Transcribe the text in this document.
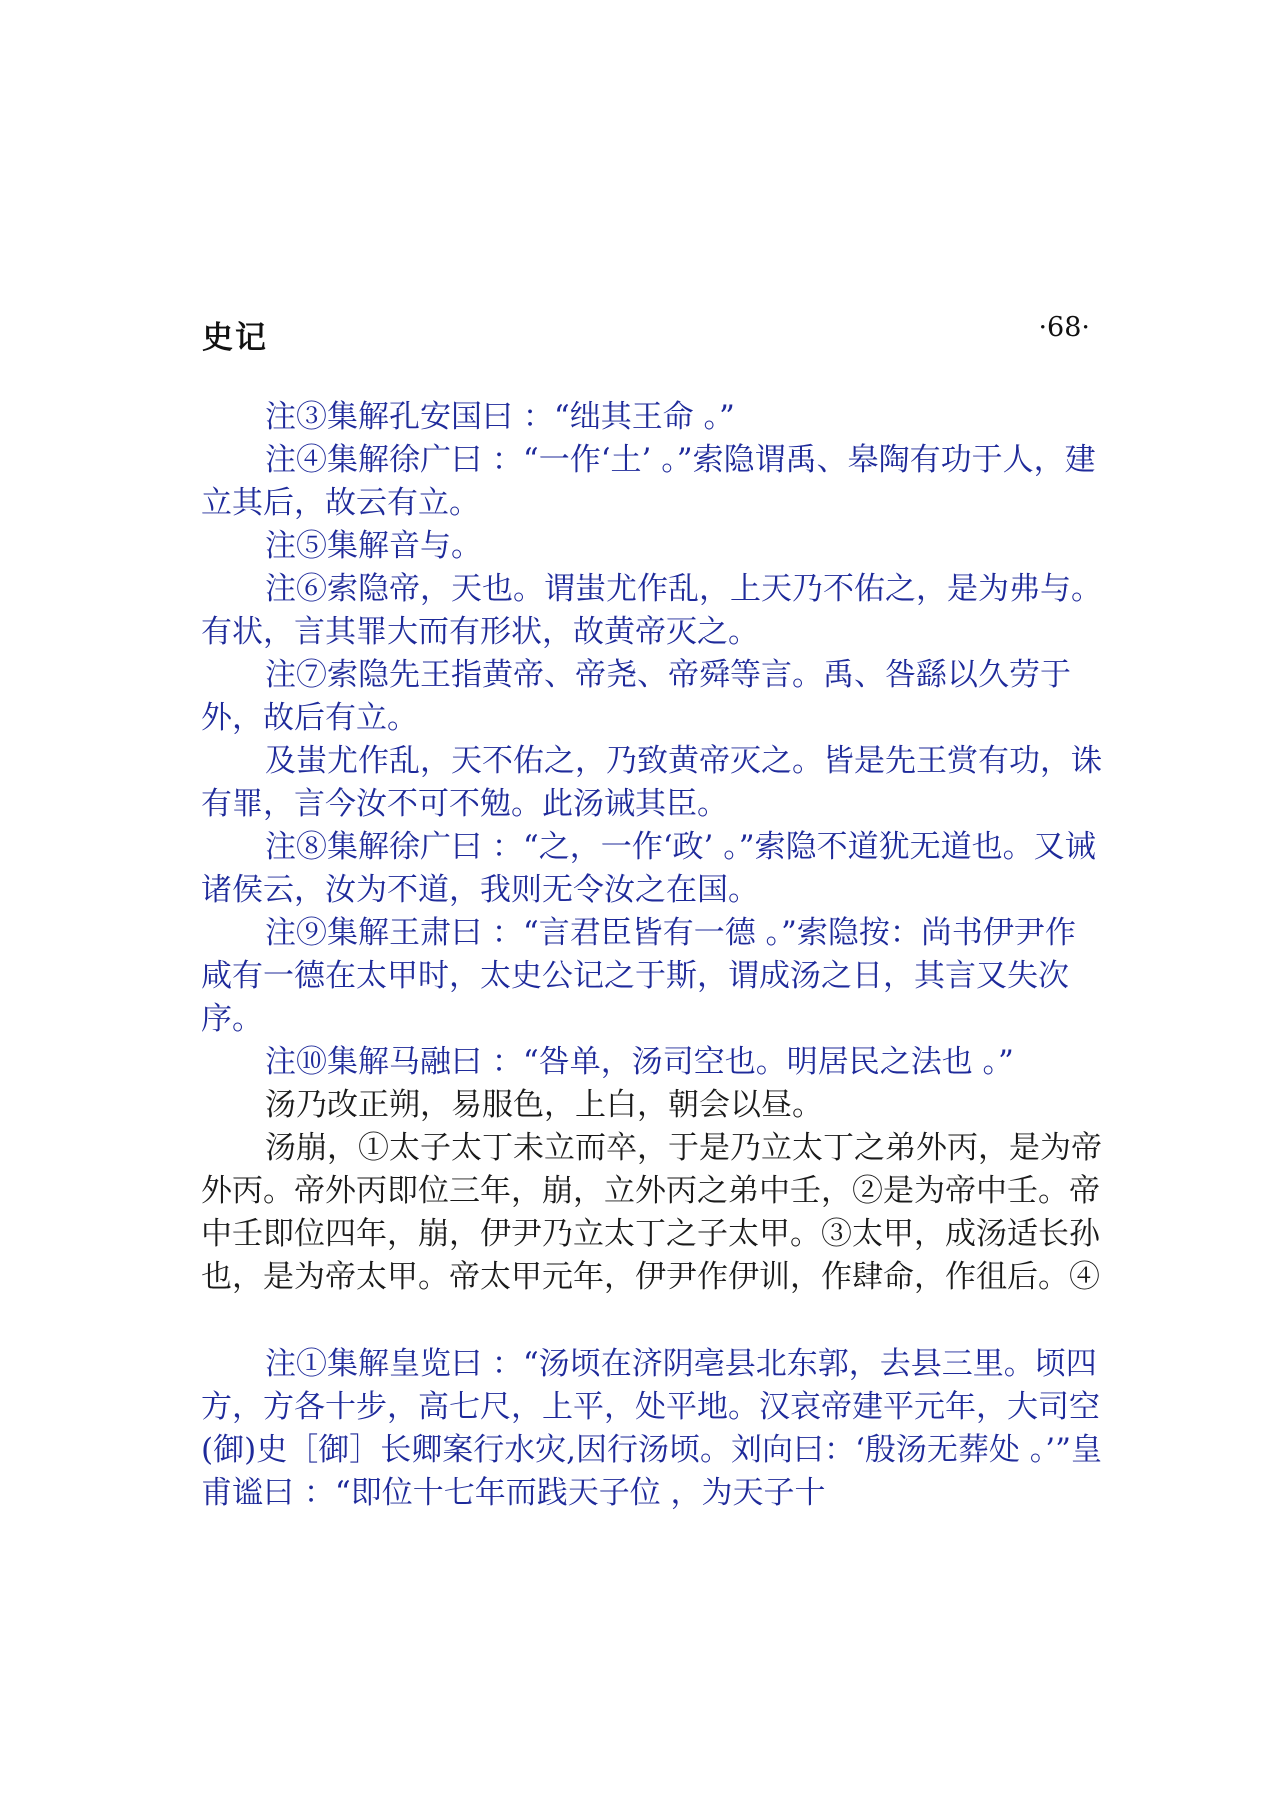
史记	·68·

注③集解孔安国曰 ：“绌其王命 。”

注④集解徐广曰 ：“一作‘土’ 。”索隐谓禹、皋陶有功于人，建立其后，故云有立。

注⑤集解音与。

注⑥索隐帝，天也。谓蚩尤作乱，上天乃不佑之，是为弗与。有状，言其罪大而有形状，故黄帝灭之。

注⑦索隐先王指黄帝、帝尧、帝舜等言。禹、咎繇以久劳于外，故后有立。

及蚩尤作乱，天不佑之，乃致黄帝灭之。皆是先王赏有功，诛有罪，言今汝不可不勉。此汤诫其臣。

注⑧集解徐广曰 ：“之，一作‘政’ 。”索隐不道犹无道也。又诫诸侯云，汝为不道，我则无令汝之在国。

注⑨集解王肃曰 ：“言君臣皆有一德 。”索隐按：尚书伊尹作咸有一德在太甲时，太史公记之于斯，谓成汤之日，其言又失次序。

注⑩集解马融曰 ：“咎单，汤司空也。明居民之法也 。”

汤乃改正朔，易服色，上白，朝会以昼。

汤崩，①太子太丁未立而卒，于是乃立太丁之弟外丙，是为帝外丙。帝外丙即位三年，崩，立外丙之弟中壬，②是为帝中壬。帝中壬即位四年，崩，伊尹乃立太丁之子太甲。③太甲，成汤适长孙也，是为帝太甲。帝太甲元年，伊尹作伊训，作肆命，作徂后。④

注①集解皇览曰 ：“汤顷在济阴亳县北东郭，去县三里。顷四方，方各十步，高七尺，上平，处平地。汉哀帝建平元年，大司空(御)史［御］长卿案行水灾,因行汤顷。刘向曰：‘殷汤无葬处 。’”皇甫谧曰 ：“即位十七年而践天子位 ，为天子十
